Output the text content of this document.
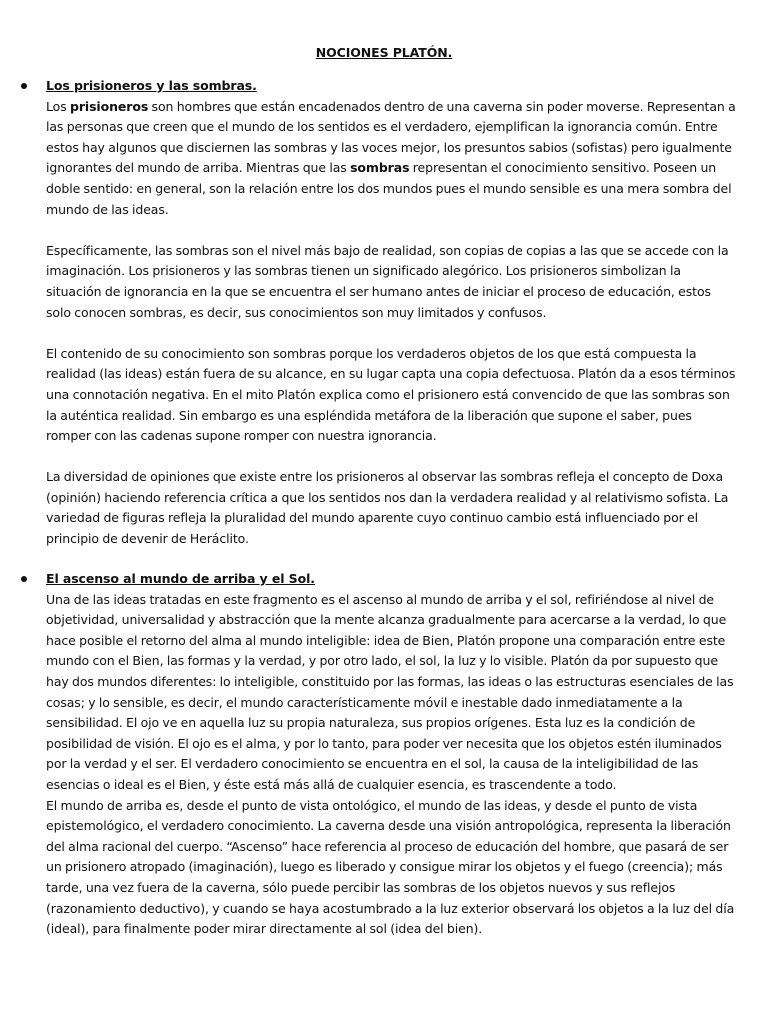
NOCIONES PLATÓN.

Los prisioneros y las sombras.

Los prisioneros son hombres que están encadenados dentro de una caverna sin poder moverse. Representan a las personas que creen que el mundo de los sentidos es el verdadero, ejemplifican la ignorancia común. Entre estos hay algunos que disciernen las sombras y las voces mejor, los presuntos sabios (sofistas) pero igualmente ignorantes del mundo de arriba. Mientras que las sombras representan el conocimiento sensitivo. Poseen un doble sentido: en general, son la relación entre los dos mundos pues el mundo sensible es una mera sombra del mundo de las ideas.

Específicamente, las sombras son el nivel más bajo de realidad, son copias de copias a las que se accede con la imaginación. Los prisioneros y las sombras tienen un significado alegórico. Los prisioneros simbolizan la situación de ignorancia en la que se encuentra el ser humano antes de iniciar el proceso de educación, estos solo conocen sombras, es decir, sus conocimientos son muy limitados y confusos.

El contenido de su conocimiento son sombras porque los verdaderos objetos de los que está compuesta la realidad (las ideas) están fuera de su alcance, en su lugar capta una copia defectuosa. Platón da a esos términos una connotación negativa. En el mito Platón explica como el prisionero está convencido de que las sombras son la auténtica realidad. Sin embargo es una espléndida metáfora de la liberación que supone el saber, pues romper con las cadenas supone romper con nuestra ignorancia.

La diversidad de opiniones que existe entre los prisioneros al observar las sombras refleja el concepto de Doxa (opinión) haciendo referencia crítica a que los sentidos nos dan la verdadera realidad y al relativismo sofista. La variedad de figuras refleja la pluralidad del mundo aparente cuyo continuo cambio está influenciado por el principio de devenir de Heráclito.

El ascenso al mundo de arriba y el Sol.

Una de las ideas tratadas en este fragmento es el ascenso al mundo de arriba y el sol, refiriéndose al nivel de objetividad, universalidad y abstracción que la mente alcanza gradualmente para acercarse a la verdad, lo que hace posible el retorno del alma al mundo inteligible: idea de Bien, Platón propone una comparación entre este mundo con el Bien, las formas y la verdad, y por otro lado, el sol, la luz y lo visible. Platón da por supuesto que hay dos mundos diferentes: lo inteligible, constituido por las formas, las ideas o las estructuras esenciales de las cosas; y lo sensible, es decir, el mundo característicamente móvil e inestable dado inmediatamente a la sensibilidad. El ojo ve en aquella luz su propia naturaleza, sus propios orígenes. Esta luz es la condición de posibilidad de visión. El ojo es el alma, y por lo tanto, para poder ver necesita que los objetos estén iluminados por la verdad y el ser. El verdadero conocimiento se encuentra en el sol, la causa de la inteligibilidad de las esencias o ideal es el Bien, y éste está más allá de cualquier esencia, es trascendente a todo.

El mundo de arriba es, desde el punto de vista ontológico, el mundo de las ideas, y desde el punto de vista epistemológico, el verdadero conocimiento. La caverna desde una visión antropológica, representa la liberación del alma racional del cuerpo. “Ascenso” hace referencia al proceso de educación del hombre, que pasará de ser un prisionero atropado (imaginación), luego es liberado y consigue mirar los objetos y el fuego (creencia); más tarde, una vez fuera de la caverna, sólo puede percibir las sombras de los objetos nuevos y sus reflejos (razonamiento deductivo), y cuando se haya acostumbrado a la luz exterior observará los objetos a la luz del día (ideal), para finalmente poder mirar directamente al sol (idea del bien).
